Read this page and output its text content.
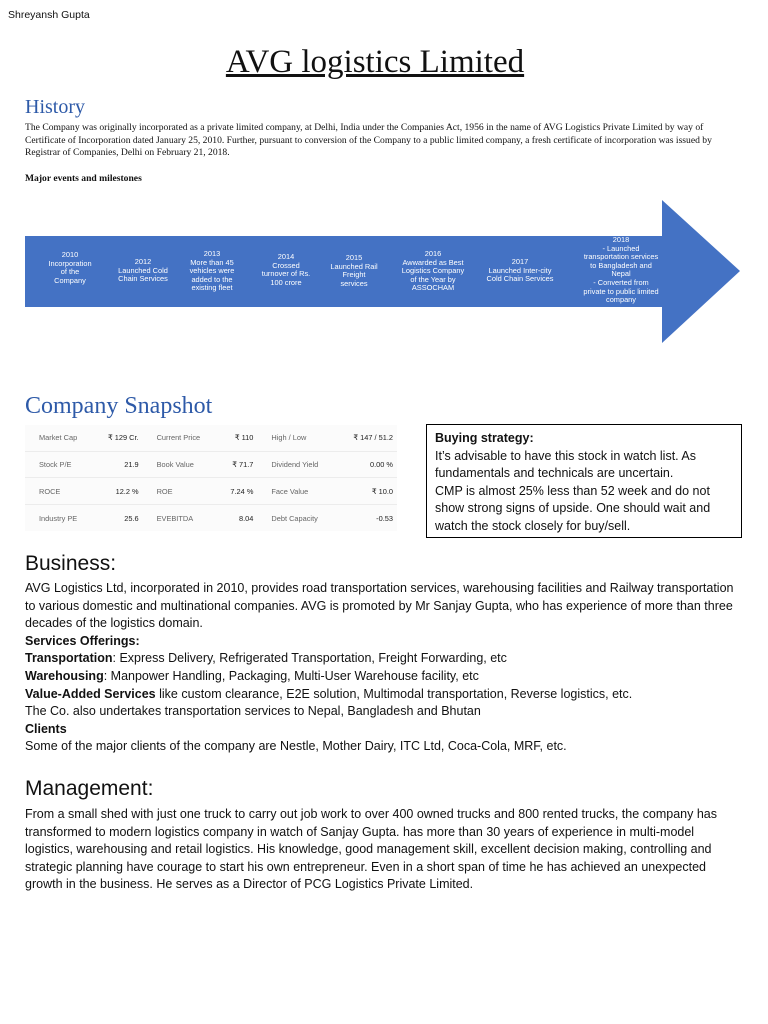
Shreyansh Gupta
AVG logistics Limited
History
The Company was originally incorporated as a private limited company, at Delhi, India under the Companies Act, 1956 in the name of AVG Logistics Private Limited by way of Certificate of Incorporation dated January 25, 2010. Further, pursuant to conversion of the Company to a public limited company, a fresh certificate of incorporation was issued by Registrar of Companies, Delhi on February 21, 2018.
Major events and milestones
2010
Incorporation
of the
Company
2012
Launched Cold
Chain Services
2013
More than 45
vehicles were
added to the
existing fleet
2014
Crossed
turnover of Rs.
100 crore
2015
Launched Rail
Freight
services
2016
Awwarded as Best
Logistics Company
of the Year by
ASSOCHAM
2017
Launched Inter-city
Cold Chain Services
2018
- Launched
transportation services
to Bangladesh and
Nepal
- Converted from
private to public limited
company
Company Snapshot
Market Cap	₹ 129 Cr.	Current Price	₹ 110	High / Low	₹ 147 / 51.2
Stock P/E	21.9	Book Value	₹ 71.7	Dividend Yield	0.00 %
ROCE	12.2 %	ROE	7.24 %	Face Value	₹ 10.0
Industry PE	25.6	EVEBITDA	8.04	Debt Capacity	-0.53
Buying strategy:
It’s advisable to have this stock in watch list. As fundamentals and technicals are uncertain.
CMP is almost 25% less than 52 week and do not show strong signs of upside. One should wait and watch the stock closely for buy/sell.
Business:
AVG Logistics Ltd, incorporated in 2010, provides road transportation services, warehousing facilities and Railway transportation to various domestic and multinational companies. AVG is promoted by Mr Sanjay Gupta, who has experience of more than three decades of the logistics domain.
Services Offerings:
Transportation: Express Delivery, Refrigerated Transportation, Freight Forwarding, etc
Warehousing: Manpower Handling, Packaging, Multi-User Warehouse facility, etc
Value-Added Services like custom clearance, E2E solution, Multimodal transportation, Reverse logistics, etc.
The Co. also undertakes transportation services to Nepal, Bangladesh and Bhutan
Clients
Some of the major clients of the company are Nestle, Mother Dairy, ITC Ltd, Coca-Cola, MRF, etc.
Management:
From a small shed with just one truck to carry out job work to over 400 owned trucks and 800 rented trucks, the company has transformed to modern logistics company in watch of Sanjay Gupta. has more than 30 years of experience in multi-model logistics, warehousing and retail logistics. His knowledge, good management skill, excellent decision making, controlling and strategic planning have courage to start his own entrepreneur. Even in a short span of time he has achieved an unexpected growth in the business. He serves as a Director of PCG Logistics Private Limited.
